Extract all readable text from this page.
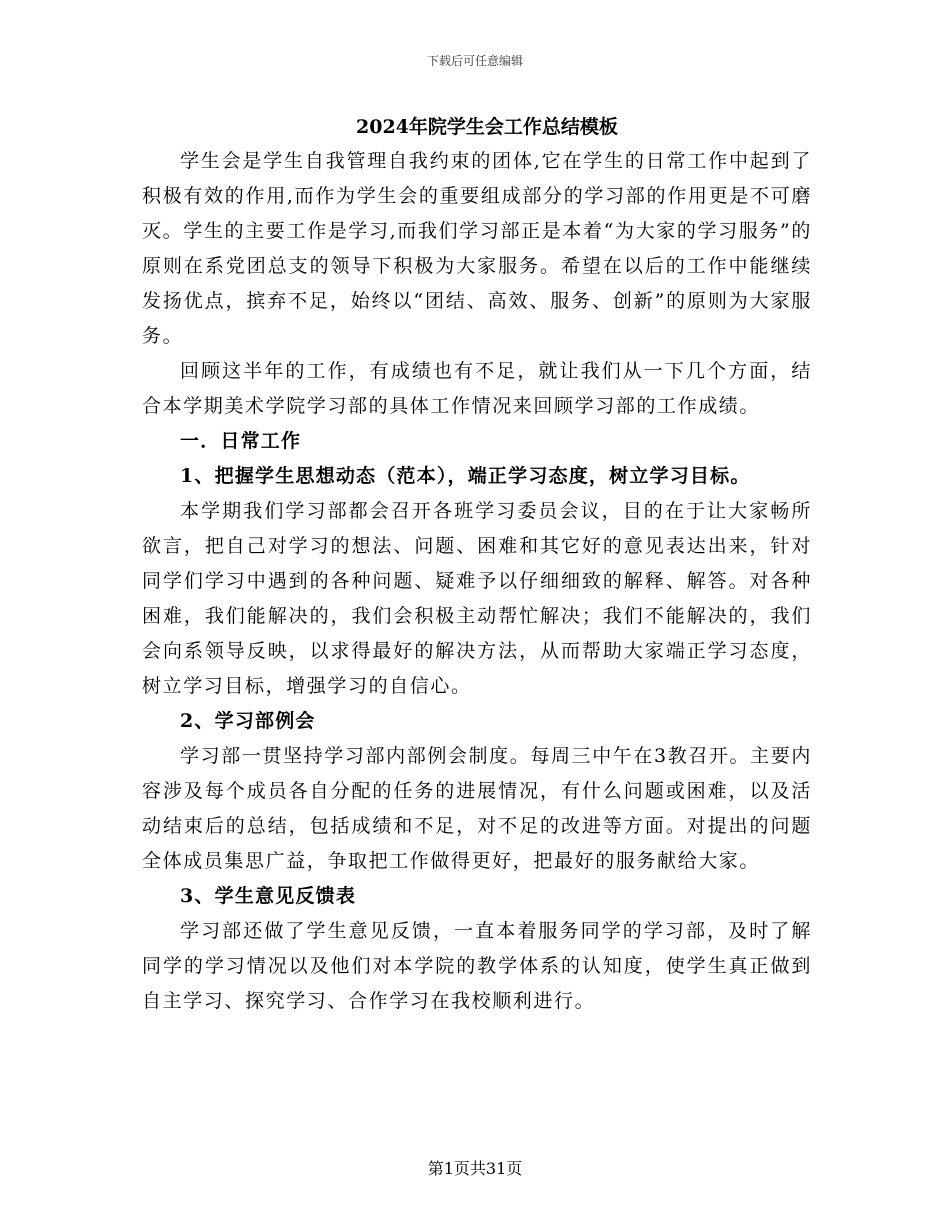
下载后可任意编辑
2024年院学生会工作总结模板

学生会是学生自我管理自我约束的团体,它在学生的日常工作中起到了积极有效的作用,而作为学生会的重要组成部分的学习部的作用更是不可磨灭。学生的主要工作是学习,而我们学习部正是本着“为大家的学习服务”的原则在系党团总支的领导下积极为大家服务。希望在以后的工作中能继续发扬优点，摈弃不足，始终以“团结、高效、服务、创新”的原则为大家服务。

回顾这半年的工作，有成绩也有不足，就让我们从一下几个方面，结合本学期美术学院学习部的具体工作情况来回顾学习部的工作成绩。

一．日常工作

1、把握学生思想动态（范本），端正学习态度，树立学习目标。

本学期我们学习部都会召开各班学习委员会议，目的在于让大家畅所欲言，把自己对学习的想法、问题、困难和其它好的意见表达出来，针对同学们学习中遇到的各种问题、疑难予以仔细细致的解释、解答。对各种困难，我们能解决的，我们会积极主动帮忙解决；我们不能解决的，我们会向系领导反映，以求得最好的解决方法，从而帮助大家端正学习态度，树立学习目标，增强学习的自信心。

2、学习部例会

学习部一贯坚持学习部内部例会制度。每周三中午在3教召开。主要内容涉及每个成员各自分配的任务的进展情况，有什么问题或困难，以及活动结束后的总结，包括成绩和不足，对不足的改进等方面。对提出的问题全体成员集思广益，争取把工作做得更好，把最好的服务献给大家。

3、学生意见反馈表

学习部还做了学生意见反馈，一直本着服务同学的学习部，及时了解同学的学习情况以及他们对本学院的教学体系的认知度，使学生真正做到自主学习、探究学习、合作学习在我校顺利进行。

第1页共31页
